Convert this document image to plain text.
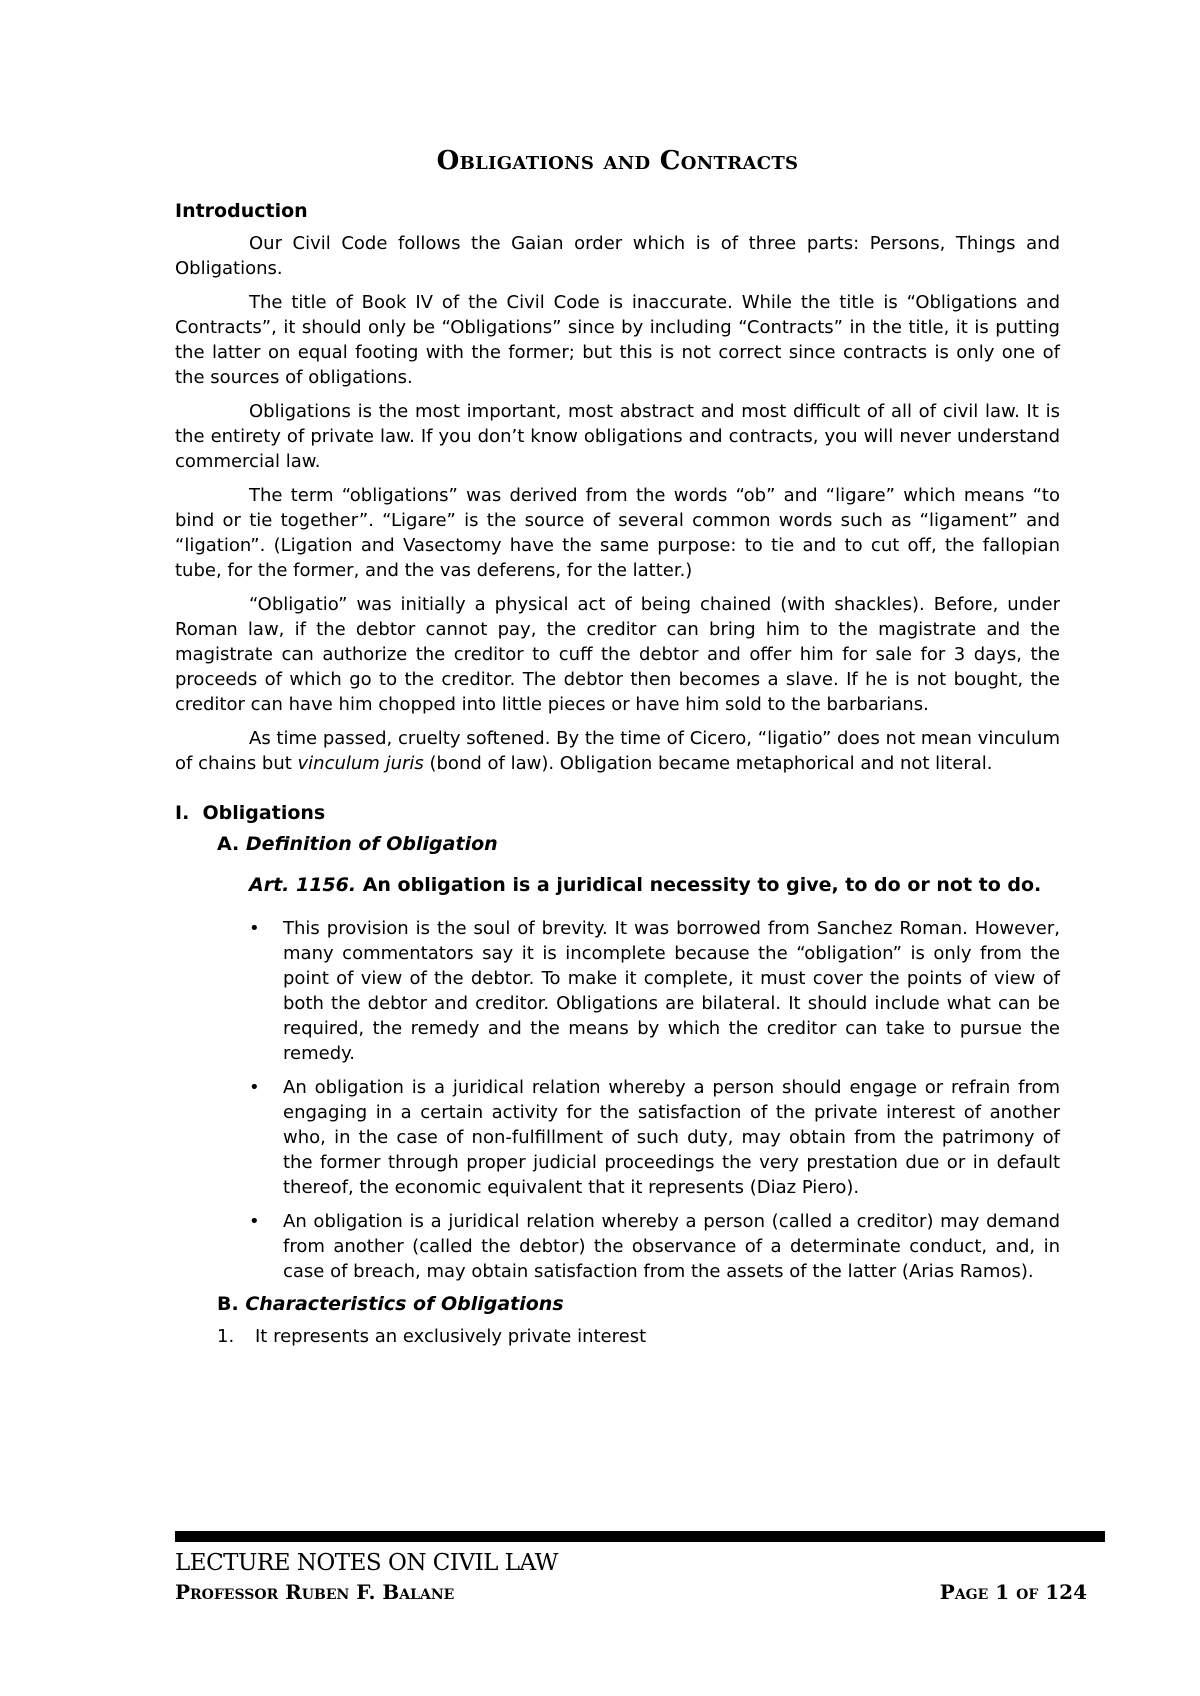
Obligations and Contracts
Introduction

Our Civil Code follows the Gaian order which is of three parts: Persons, Things and Obligations.

The title of Book IV of the Civil Code is inaccurate. While the title is “Obligations and Contracts”, it should only be “Obligations” since by including “Contracts” in the title, it is putting the latter on equal footing with the former; but this is not correct since contracts is only one of the sources of obligations.

Obligations is the most important, most abstract and most difficult of all of civil law. It is the entirety of private law. If you don’t know obligations and contracts, you will never understand commercial law.

The term “obligations” was derived from the words “ob” and “ligare” which means “to bind or tie together”. “Ligare” is the source of several common words such as “ligament” and “ligation”. (Ligation and Vasectomy have the same purpose: to tie and to cut off, the fallopian tube, for the former, and the vas deferens, for the latter.)

“Obligatio” was initially a physical act of being chained (with shackles). Before, under Roman law, if the debtor cannot pay, the creditor can bring him to the magistrate and the magistrate can authorize the creditor to cuff the debtor and offer him for sale for 3 days, the proceeds of which go to the creditor. The debtor then becomes a slave. If he is not bought, the creditor can have him chopped into little pieces or have him sold to the barbarians.

As time passed, cruelty softened. By the time of Cicero, “ligatio” does not mean vinculum of chains but vinculum juris (bond of law). Obligation became metaphorical and not literal.

I. Obligations
A. Definition of Obligation
Art. 1156. An obligation is a juridical necessity to give, to do or not to do.
• This provision is the soul of brevity. It was borrowed from Sanchez Roman. However, many commentators say it is incomplete because the “obligation” is only from the point of view of the debtor. To make it complete, it must cover the points of view of both the debtor and creditor. Obligations are bilateral. It should include what can be required, the remedy and the means by which the creditor can take to pursue the remedy.
• An obligation is a juridical relation whereby a person should engage or refrain from engaging in a certain activity for the satisfaction of the private interest of another who, in the case of non-fulfillment of such duty, may obtain from the patrimony of the former through proper judicial proceedings the very prestation due or in default thereof, the economic equivalent that it represents (Diaz Piero).
• An obligation is a juridical relation whereby a person (called a creditor) may demand from another (called the debtor) the observance of a determinate conduct, and, in case of breach, may obtain satisfaction from the assets of the latter (Arias Ramos).
B. Characteristics of Obligations
1. It represents an exclusively private interest
LECTURE NOTES ON CIVIL LAW
Professor Ruben F. Balane	Page 1 of 124
